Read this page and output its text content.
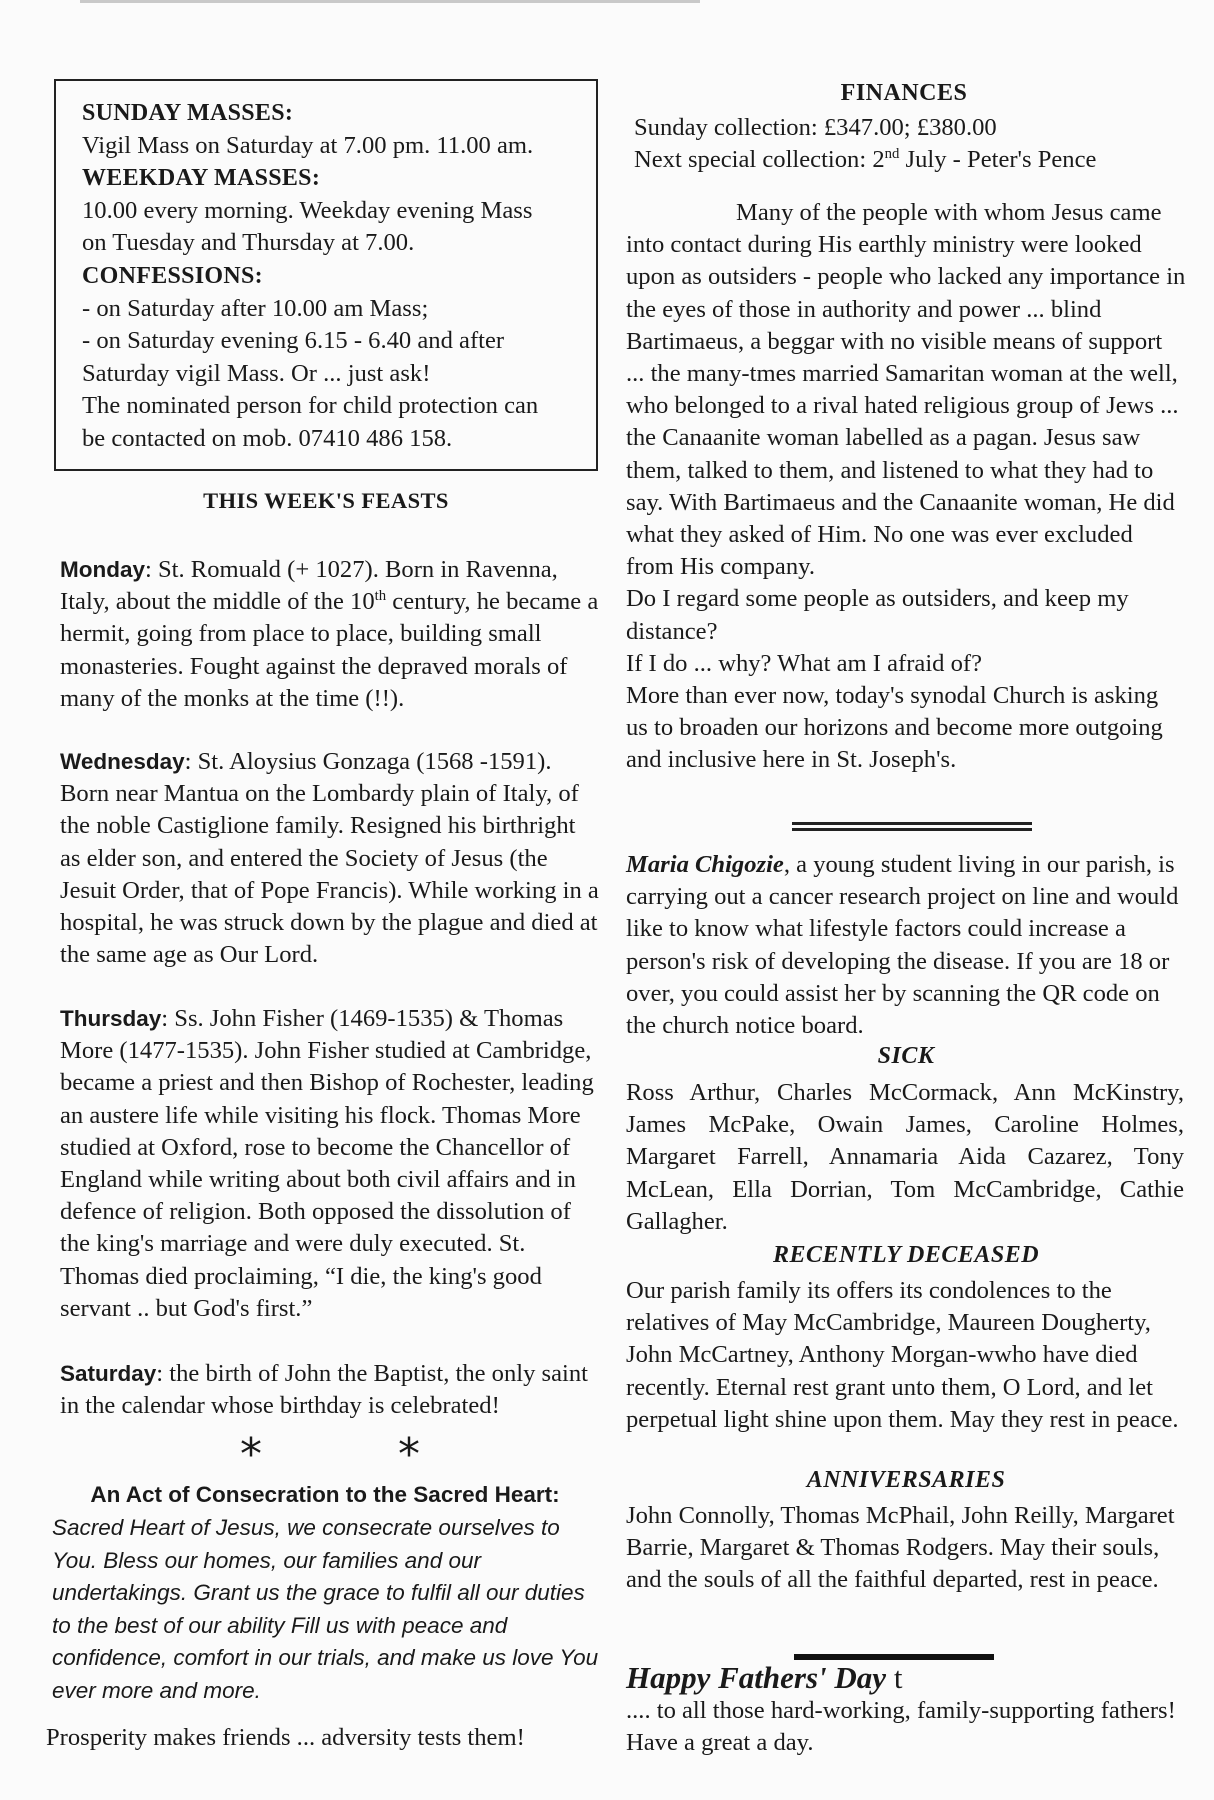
SUNDAY MASSES:

Vigil Mass on Saturday at 7.00 pm. 11.00 am.

WEEKDAY MASSES:

10.00 every morning. Weekday evening Mass

on Tuesday and Thursday at 7.00.

CONFESSIONS:

- on Saturday after 10.00 am Mass;

- on Saturday evening 6.15 - 6.40 and after

Saturday vigil Mass. Or ... just ask!

The nominated person for child protection can

be contacted on mob. 07410 486 158.

THIS WEEK'S FEASTS

Monday: St. Romuald (+ 1027). Born in Ravenna, Italy, about the middle of the 10th century, he became a hermit, going from place to place, building small monasteries. Fought against the depraved morals of many of the monks at the time (!!).

Wednesday: St. Aloysius Gonzaga (1568 -1591). Born near Mantua on the Lombardy plain of Italy, of the noble Castiglione family. Resigned his birthright as elder son, and entered the Society of Jesus (the Jesuit Order, that of Pope Francis). While working in a hospital, he was struck down by the plague and died at the same age as Our Lord.

Thursday: Ss. John Fisher (1469-1535) & Thomas More (1477-1535). John Fisher studied at Cambridge, became a priest and then Bishop of Rochester, leading an austere life while visiting his flock. Thomas More studied at Oxford, rose to become the Chancellor of England while writing about both civil affairs and in defence of religion. Both opposed the dissolution of the king's marriage and were duly executed. St. Thomas died proclaiming, “I die, the king's good servant .. but God's first.”

Saturday: the birth of John the Baptist, the only saint in the calendar whose birthday is celebrated!

*	*
An Act of Consecration to the Sacred Heart:

Sacred Heart of Jesus, we consecrate ourselves to You. Bless our homes, our families and our undertakings. Grant us the grace to fulfil all our duties to the best of our ability Fill us with peace and confidence, comfort in our trials, and make us love You ever more and more.

Prosperity makes friends ... adversity tests them!

FINANCES

Sunday collection: £347.00; £380.00

Next special collection: 2nd July - Peter's Pence

Many of the people with whom Jesus came into contact during His earthly ministry were looked upon as outsiders - people who lacked any importance in the eyes of those in authority and power ... blind Bartimaeus, a beggar with no visible means of support ... the many-tmes married Samaritan woman at the well, who belonged to a rival hated religious group of Jews ... the Canaanite woman labelled as a pagan. Jesus saw them, talked to them, and listened to what they had to say. With Bartimaeus and the Canaanite woman, He did what they asked of Him. No one was ever excluded from His company.

Do I regard some people as outsiders, and keep my distance?

If I do ... why? What am I afraid of?

More than ever now, today's synodal Church is asking us to broaden our horizons and become more outgoing and inclusive here in St. Joseph's.

Maria Chigozie, a young student living in our parish, is carrying out a cancer research project on line and would like to know what lifestyle factors could increase a person's risk of developing the disease. If you are 18 or over, you could assist her by scanning the QR code on the church notice board.

SICK

Ross Arthur, Charles McCormack, Ann McKinstry, James McPake, Owain James, Caroline Holmes, Margaret Farrell, Annamaria Aida Cazarez, Tony McLean, Ella Dorrian, Tom McCambridge, Cathie Gallagher.

RECENTLY DECEASED

Our parish family its offers its condolences to the relatives of May McCambridge, Maureen Dougherty, John McCartney, Anthony Morgan-wwho have died recently. Eternal rest grant unto them, O Lord, and let perpetual light shine upon them. May they rest in peace.

ANNIVERSARIES

John Connolly, Thomas McPhail, John Reilly, Margaret Barrie, Margaret & Thomas Rodgers. May their souls, and the souls of all the faithful departed, rest in peace.

Happy Fathers' Day t

.... to all those hard-working, family-supporting fathers! Have a great a day.
